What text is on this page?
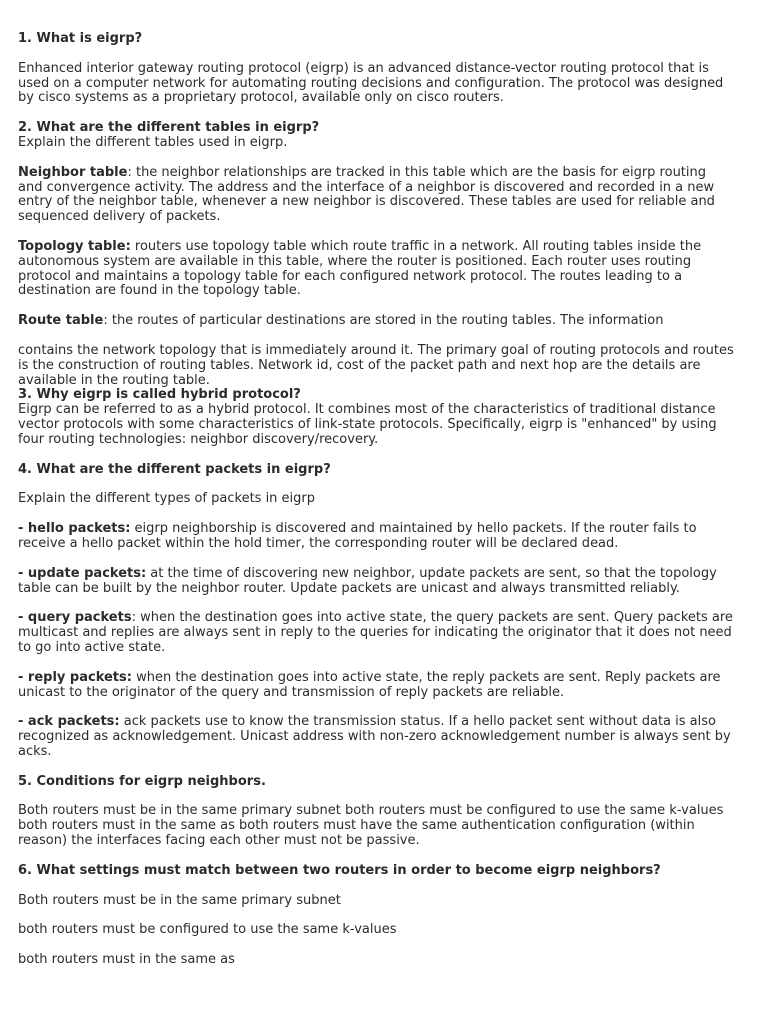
1. What is eigrp?

Enhanced interior gateway routing protocol (eigrp) is an advanced distance-vector routing protocol that is used on a computer network for automating routing decisions and configuration. The protocol was designed by cisco systems as a proprietary protocol, available only on cisco routers.

2. What are the different tables in eigrp?

Explain the different tables used in eigrp.

Neighbor table: the neighbor relationships are tracked in this table which are the basis for eigrp routing and convergence activity. The address and the interface of a neighbor is discovered and recorded in a new entry of the neighbor table, whenever a new neighbor is discovered. These tables are used for reliable and sequenced delivery of packets.

Topology table: routers use topology table which route traffic in a network. All routing tables inside the autonomous system are available in this table, where the router is positioned. Each router uses routing protocol and maintains a topology table for each configured network protocol. The routes leading to a destination are found in the topology table.

Route table: the routes of particular destinations are stored in the routing tables. The information

contains the network topology that is immediately around it. The primary goal of routing protocols and routes is the construction of routing tables. Network id, cost of the packet path and next hop are the details are available in the routing table.

3. Why eigrp is called hybrid protocol?

Eigrp can be referred to as a hybrid protocol. It combines most of the characteristics of traditional distance vector protocols with some characteristics of link-state protocols. Specifically, eigrp is "enhanced" by using four routing technologies: neighbor discovery/recovery.

4. What are the different packets in eigrp?

Explain the different types of packets in eigrp

- hello packets: eigrp neighborship is discovered and maintained by hello packets. If the router fails to receive a hello packet within the hold timer, the corresponding router will be declared dead.

- update packets: at the time of discovering new neighbor, update packets are sent, so that the topology table can be built by the neighbor router. Update packets are unicast and always transmitted reliably.

- query packets: when the destination goes into active state, the query packets are sent. Query packets are multicast and replies are always sent in reply to the queries for indicating the originator that it does not need to go into active state.

- reply packets: when the destination goes into active state, the reply packets are sent. Reply packets are unicast to the originator of the query and transmission of reply packets are reliable.

- ack packets: ack packets use to know the transmission status. If a hello packet sent without data is also recognized as acknowledgement. Unicast address with non-zero acknowledgement number is always sent by acks.

5. Conditions for eigrp neighbors.

Both routers must be in the same primary subnet both routers must be configured to use the same k-values both routers must in the same as both routers must have the same authentication configuration (within reason) the interfaces facing each other must not be passive.

6. What settings must match between two routers in order to become eigrp neighbors?

Both routers must be in the same primary subnet

both routers must be configured to use the same k-values

both routers must in the same as
